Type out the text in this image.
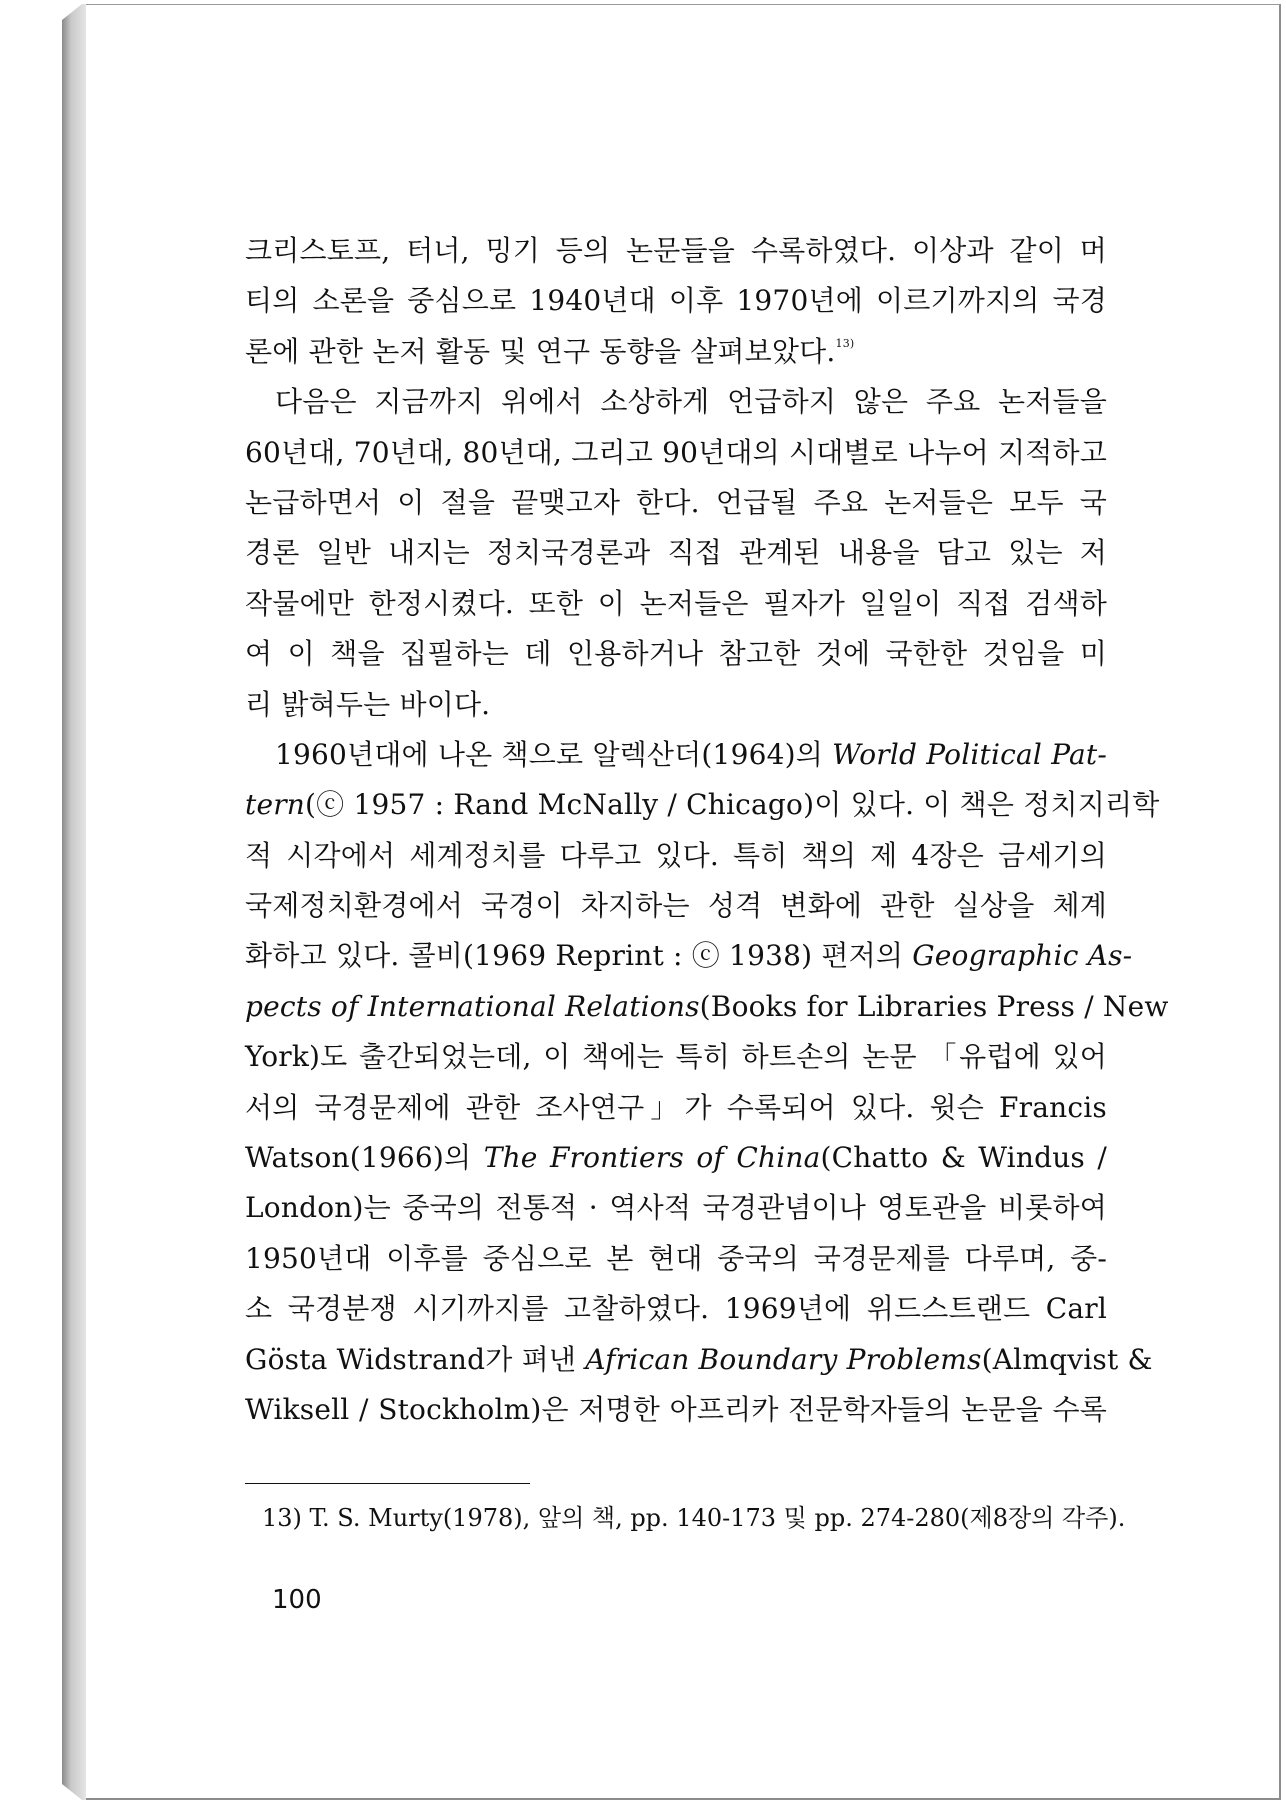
크리스토프, 터너, 밍기 등의 논문들을 수록하였다. 이상과 같이 머
티의 소론을 중심으로 1940년대 이후 1970년에 이르기까지의 국경
론에 관한 논저 활동 및 연구 동향을 살펴보았다.$^{13)}$
다음은 지금까지 위에서 소상하게 언급하지 않은 주요 논저들을
60년대, 70년대, 80년대, 그리고 90년대의 시대별로 나누어 지적하고
논급하면서 이 절을 끝맺고자 한다. 언급될 주요 논저들은 모두 국
경론 일반 내지는 정치국경론과 직접 관계된 내용을 담고 있는 저
작물에만 한정시켰다. 또한 이 논저들은 필자가 일일이 직접 검색하
여 이 책을 집필하는 데 인용하거나 참고한 것에 국한한 것임을 미
리 밝혀두는 바이다.
1960년대에 나온 책으로 알렉산더(1964)의 World Political Pat-
tern(ⓒ 1957 : Rand McNally / Chicago)이 있다. 이 책은 정치지리학
적 시각에서 세계정치를 다루고 있다. 특히 책의 제 4장은 금세기의
국제정치환경에서 국경이 차지하는 성격 변화에 관한 실상을 체계
화하고 있다. 콜비(1969 Reprint : ⓒ 1938) 편저의 Geographic As-
pects of International Relations(Books for Libraries Press / New
York)도 출간되었는데, 이 책에는 특히 하트손의 논문 「유럽에 있어
서의 국경문제에 관한 조사연구」가 수록되어 있다. 윗슨 Francis
Watson(1966)의 The Frontiers of China(Chatto & Windus /
London)는 중국의 전통적 · 역사적 국경관념이나 영토관을 비롯하여
1950년대 이후를 중심으로 본 현대 중국의 국경문제를 다루며, 중-
소 국경분쟁 시기까지를 고찰하였다. 1969년에 위드스트랜드 Carl
Gösta Widstrand가 펴낸 African Boundary Problems(Almqvist &
Wiksell / Stockholm)은 저명한 아프리카 전문학자들의 논문을 수록
13) T. S. Murty(1978), 앞의 책, pp. 140-173 및 pp. 274-280(제8장의 각주).
100
